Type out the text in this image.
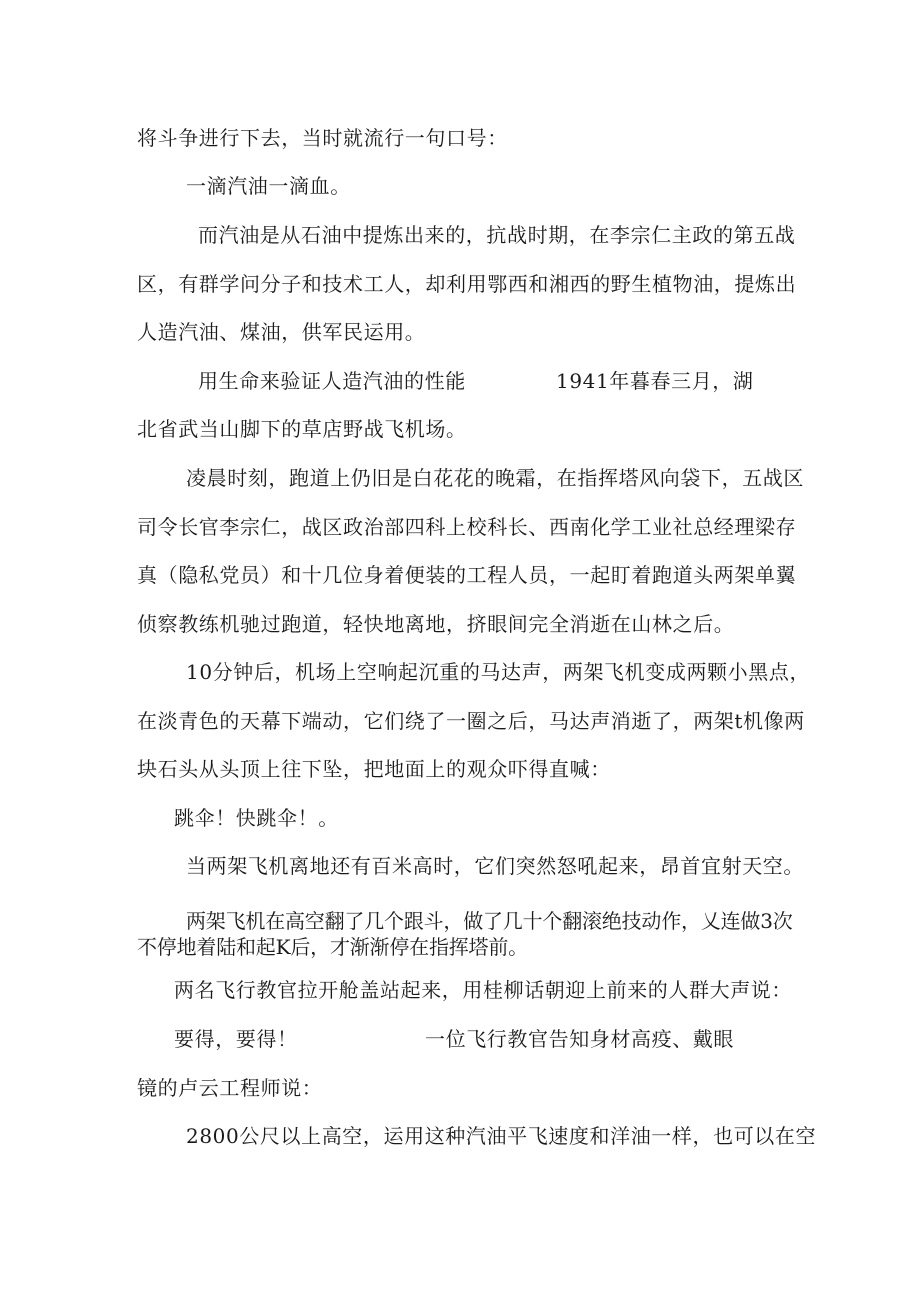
将斗争进行下去，当时就流行一句口号：
一滴汽油一滴血。
而汽油是从石油中提炼出来的，抗战时期，在李宗仁主政的第五战
区，有群学问分子和技术工人，却利用鄂西和湘西的野生植物油，提炼出
人造汽油、煤油，供军民运用。
用生命来验证人造汽油的性能	1941年暮春三月，湖
北省武当山脚下的草店野战飞机场。
凌晨时刻，跑道上仍旧是白花花的晚霜，在指挥塔风向袋下，五战区
司令长官李宗仁，战区政治部四科上校科长、西南化学工业社总经理梁存
真（隐私党员）和十几位身着便装的工程人员，一起盯着跑道头两架单翼
侦察教练机驰过跑道，轻快地离地，挤眼间完全消逝在山林之后。
10分钟后，机场上空响起沉重的马达声，两架飞机变成两颗小黑点，
在淡青色的天幕下端动，它们绕了一圈之后，马达声消逝了，两架t机像两
块石头从头顶上往下坠，把地面上的观众吓得直喊：
跳伞！快跳伞！。
当两架飞机离地还有百米高时，它们突然怒吼起来，昂首宜射天空。
两架飞机在高空翻了几个跟斗，做了几十个翻滚绝技动作，乂连做3次
不停地着陆和起K后，才渐渐停在指挥塔前。
两名飞行教官拉开舱盖站起来，用桂柳话朝迎上前来的人群大声说：
要得，要得！	一位飞行教官告知身材高疫、戴眼
镜的卢云工程师说：
2800公尺以上高空，运用这种汽油平飞速度和洋油一样，也可以在空
